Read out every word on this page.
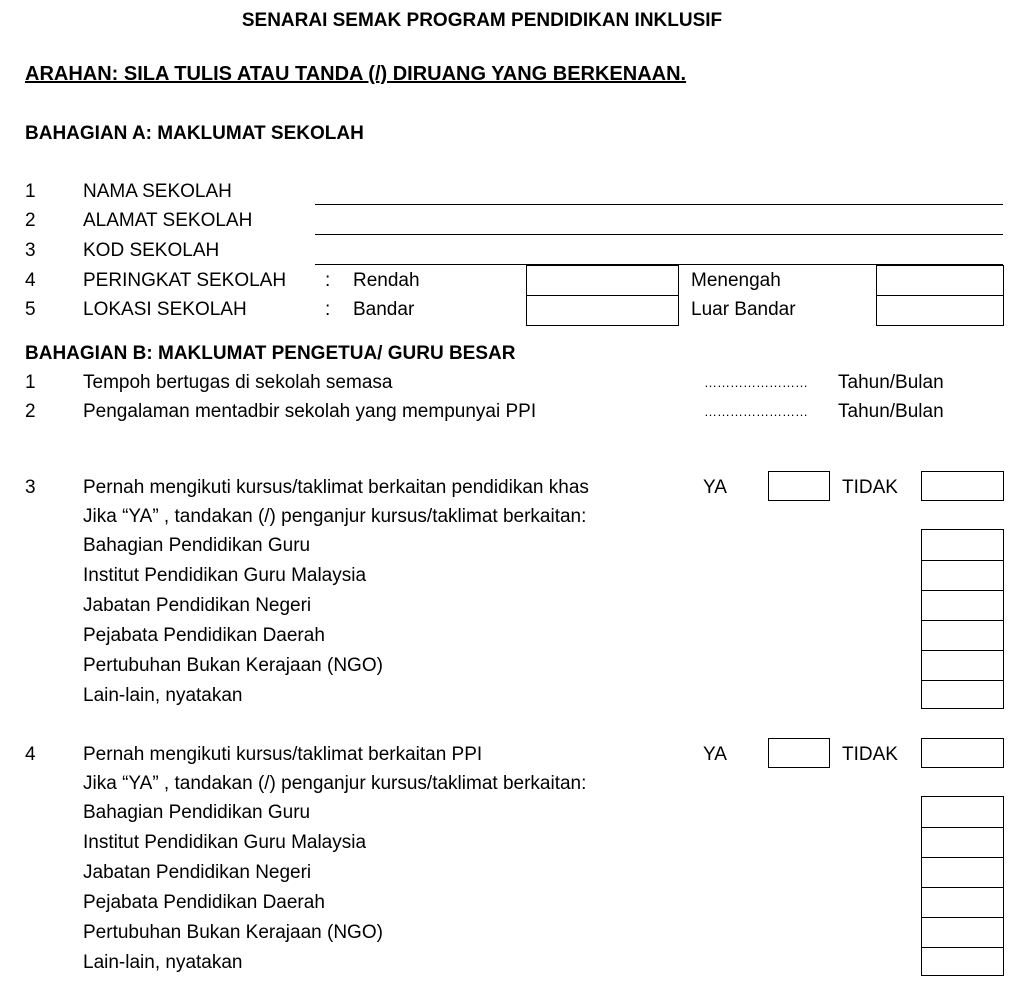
SENARAI SEMAK PROGRAM PENDIDIKAN INKLUSIF
ARAHAN: SILA TULIS ATAU TANDA (/) DIRUANG YANG BERKENAAN.
BAHAGIAN A: MAKLUMAT SEKOLAH
1 NAMA SEKOLAH
2 ALAMAT SEKOLAH
3 KOD SEKOLAH
4 PERINGKAT SEKOLAH : Rendah	Menengah
5 LOKASI SEKOLAH	: Bandar	Luar Bandar
BAHAGIAN B: MAKLUMAT PENGETUA/ GURU BESAR
1 Tempoh bertugas di sekolah semasa	…………………… Tahun/Bulan
2 Pengalaman mentadbir sekolah yang mempunyai PPI	…………………… Tahun/Bulan
3 Pernah mengikuti kursus/taklimat berkaitan pendidikan khas	YA	TIDAK
Jika “YA” , tandakan (/) penganjur kursus/taklimat berkaitan:
Bahagian Pendidikan Guru
Institut Pendidikan Guru Malaysia
Jabatan Pendidikan Negeri
Pejabata Pendidikan Daerah
Pertubuhan Bukan Kerajaan (NGO)
Lain-lain, nyatakan
4 Pernah mengikuti kursus/taklimat berkaitan PPI	YA	TIDAK
Jika “YA” , tandakan (/) penganjur kursus/taklimat berkaitan:
Bahagian Pendidikan Guru
Institut Pendidikan Guru Malaysia
Jabatan Pendidikan Negeri
Pejabata Pendidikan Daerah
Pertubuhan Bukan Kerajaan (NGO)
Lain-lain, nyatakan
